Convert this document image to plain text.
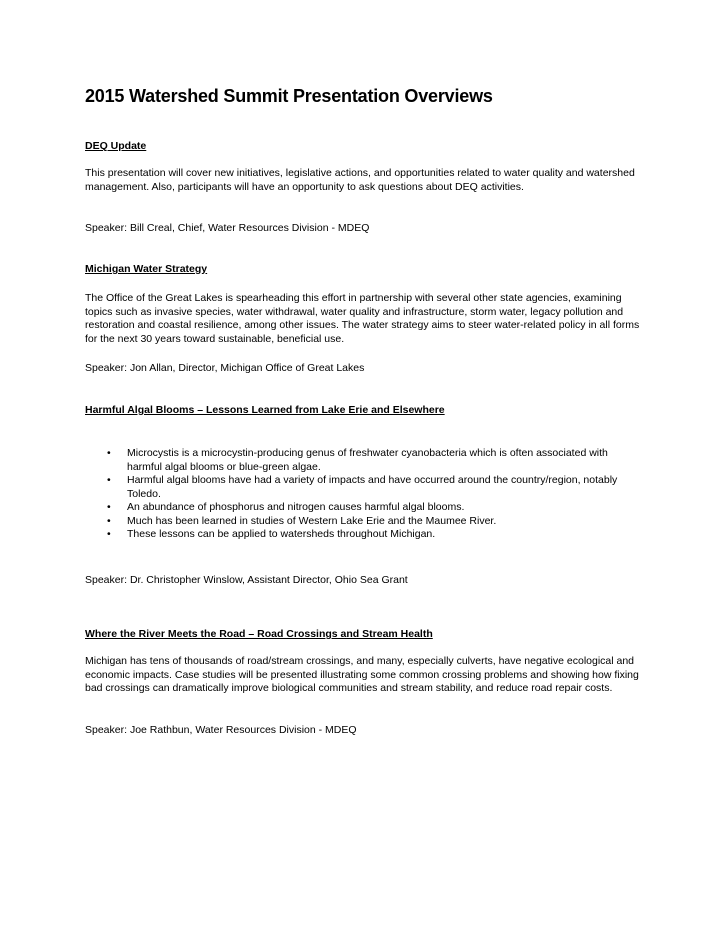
2015 Watershed Summit Presentation Overviews
DEQ Update

This presentation will cover new initiatives, legislative actions, and opportunities related to water quality and watershed management. Also, participants will have an opportunity to ask questions about DEQ activities.

Speaker: Bill Creal, Chief, Water Resources Division - MDEQ

Michigan Water Strategy

The Office of the Great Lakes is spearheading this effort in partnership with several other state agencies, examining topics such as invasive species, water withdrawal, water quality and infrastructure, storm water, legacy pollution and restoration and coastal resilience, among other issues. The water strategy aims to steer water-related policy in all forms for the next 30 years toward sustainable, beneficial use.

Speaker: Jon Allan, Director, Michigan Office of Great Lakes

Harmful Algal Blooms – Lessons Learned from Lake Erie and Elsewhere
• Microcystis is a microcystin-producing genus of freshwater cyanobacteria which is often associated with harmful algal blooms or blue-green algae.
• Harmful algal blooms have had a variety of impacts and have occurred around the country/region, notably Toledo.
• An abundance of phosphorus and nitrogen causes harmful algal blooms.
• Much has been learned in studies of Western Lake Erie and the Maumee River.
• These lessons can be applied to watersheds throughout Michigan.

Speaker: Dr. Christopher Winslow, Assistant Director, Ohio Sea Grant

Where the River Meets the Road – Road Crossings and Stream Health

Michigan has tens of thousands of road/stream crossings, and many, especially culverts, have negative ecological and economic impacts. Case studies will be presented illustrating some common crossing problems and showing how fixing bad crossings can dramatically improve biological communities and stream stability, and reduce road repair costs.

Speaker: Joe Rathbun, Water Resources Division - MDEQ
